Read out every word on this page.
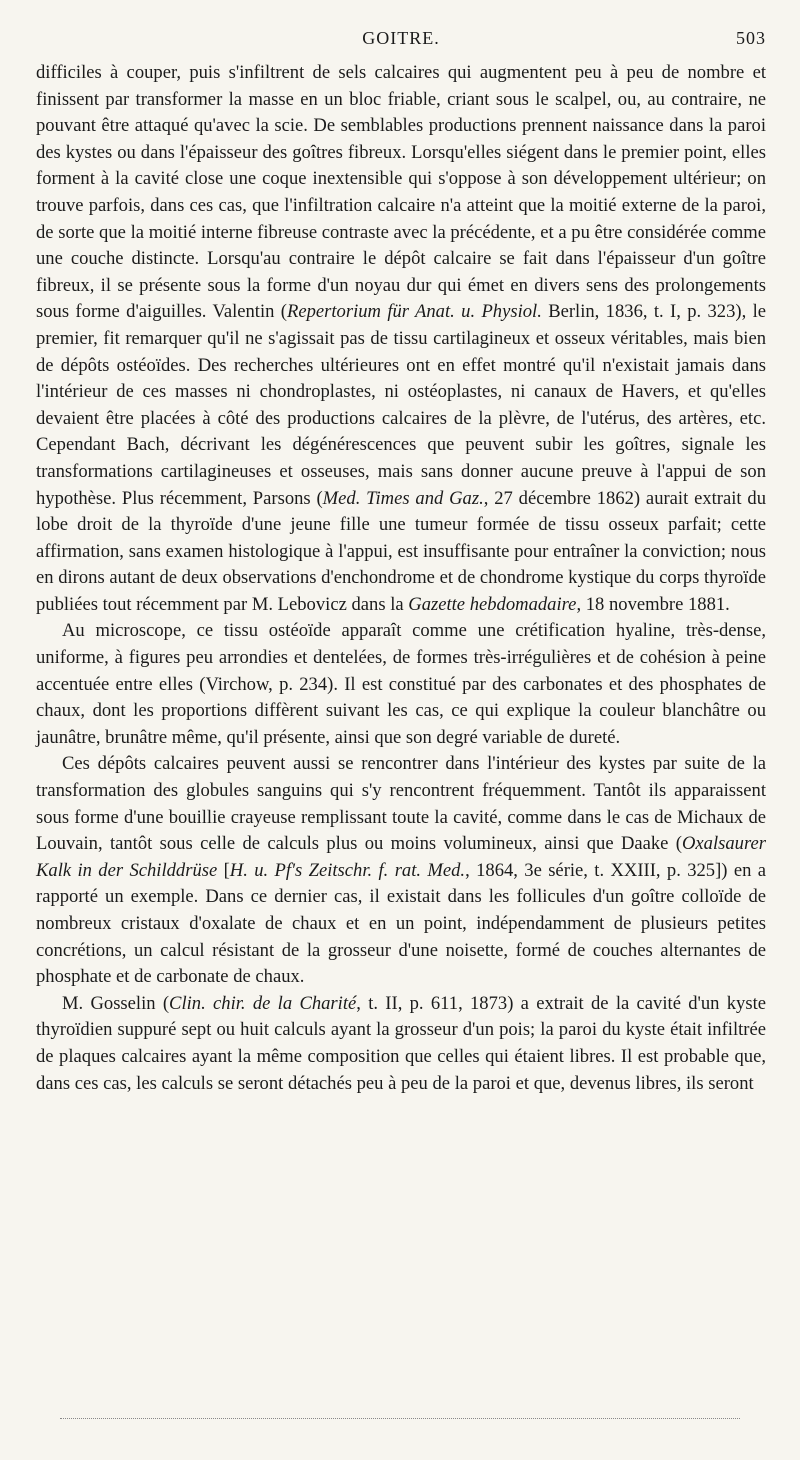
GOITRE.	503

difficiles à couper, puis s'infiltrent de sels calcaires qui augmentent peu à peu de nombre et finissent par transformer la masse en un bloc friable, criant sous le scalpel, ou, au contraire, ne pouvant être attaqué qu'avec la scie. De semblables productions prennent naissance dans la paroi des kystes ou dans l'épaisseur des goîtres fibreux. Lorsqu'elles siégent dans le premier point, elles forment à la cavité close une coque inextensible qui s'oppose à son développement ultérieur; on trouve parfois, dans ces cas, que l'infiltration calcaire n'a atteint que la moitié externe de la paroi, de sorte que la moitié interne fibreuse contraste avec la précédente, et a pu être considérée comme une couche distincte. Lorsqu'au contraire le dépôt calcaire se fait dans l'épaisseur d'un goître fibreux, il se présente sous la forme d'un noyau dur qui émet en divers sens des prolongements sous forme d'aiguilles. Valentin (Repertorium für Anat. u. Physiol. Berlin, 1836, t. I, p. 323), le premier, fit remarquer qu'il ne s'agissait pas de tissu cartilagineux et osseux véritables, mais bien de dépôts ostéoïdes. Des recherches ultérieures ont en effet montré qu'il n'existait jamais dans l'intérieur de ces masses ni chondroplastes, ni ostéoplastes, ni canaux de Havers, et qu'elles devaient être placées à côté des productions calcaires de la plèvre, de l'utérus, des artères, etc. Cependant Bach, décrivant les dégénérescences que peuvent subir les goîtres, signale les transformations cartilagineuses et osseuses, mais sans donner aucune preuve à l'appui de son hypothèse. Plus récemment, Parsons (Med. Times and Gaz., 27 décembre 1862) aurait extrait du lobe droit de la thyroïde d'une jeune fille une tumeur formée de tissu osseux parfait; cette affirmation, sans examen histologique à l'appui, est insuffisante pour entraîner la conviction; nous en dirons autant de deux observations d'enchondrome et de chondrome kystique du corps thyroïde publiées tout récemment par M. Lebovicz dans la Gazette hebdomadaire, 18 novembre 1881.

Au microscope, ce tissu ostéoïde apparaît comme une crétification hyaline, très-dense, uniforme, à figures peu arrondies et dentelées, de formes très-irrégulières et de cohésion à peine accentuée entre elles (Virchow, p. 234). Il est constitué par des carbonates et des phosphates de chaux, dont les proportions diffèrent suivant les cas, ce qui explique la couleur blanchâtre ou jaunâtre, brunâtre même, qu'il présente, ainsi que son degré variable de dureté.

Ces dépôts calcaires peuvent aussi se rencontrer dans l'intérieur des kystes par suite de la transformation des globules sanguins qui s'y rencontrent fréquemment. Tantôt ils apparaissent sous forme d'une bouillie crayeuse remplissant toute la cavité, comme dans le cas de Michaux de Louvain, tantôt sous celle de calculs plus ou moins volumineux, ainsi que Daake (Oxalsaurer Kalk in der Schilddrüse [H. u. Pf's Zeitschr. f. rat. Med., 1864, 3e série, t. XXIII, p. 325]) en a rapporté un exemple. Dans ce dernier cas, il existait dans les follicules d'un goître colloïde de nombreux cristaux d'oxalate de chaux et en un point, indépendamment de plusieurs petites concrétions, un calcul résistant de la grosseur d'une noisette, formé de couches alternantes de phosphate et de carbonate de chaux.

M. Gosselin (Clin. chir. de la Charité, t. II, p. 611, 1873) a extrait de la cavité d'un kyste thyroïdien suppuré sept ou huit calculs ayant la grosseur d'un pois; la paroi du kyste était infiltrée de plaques calcaires ayant la même composition que celles qui étaient libres. Il est probable que, dans ces cas, les calculs se seront détachés peu à peu de la paroi et que, devenus libres, ils seront
